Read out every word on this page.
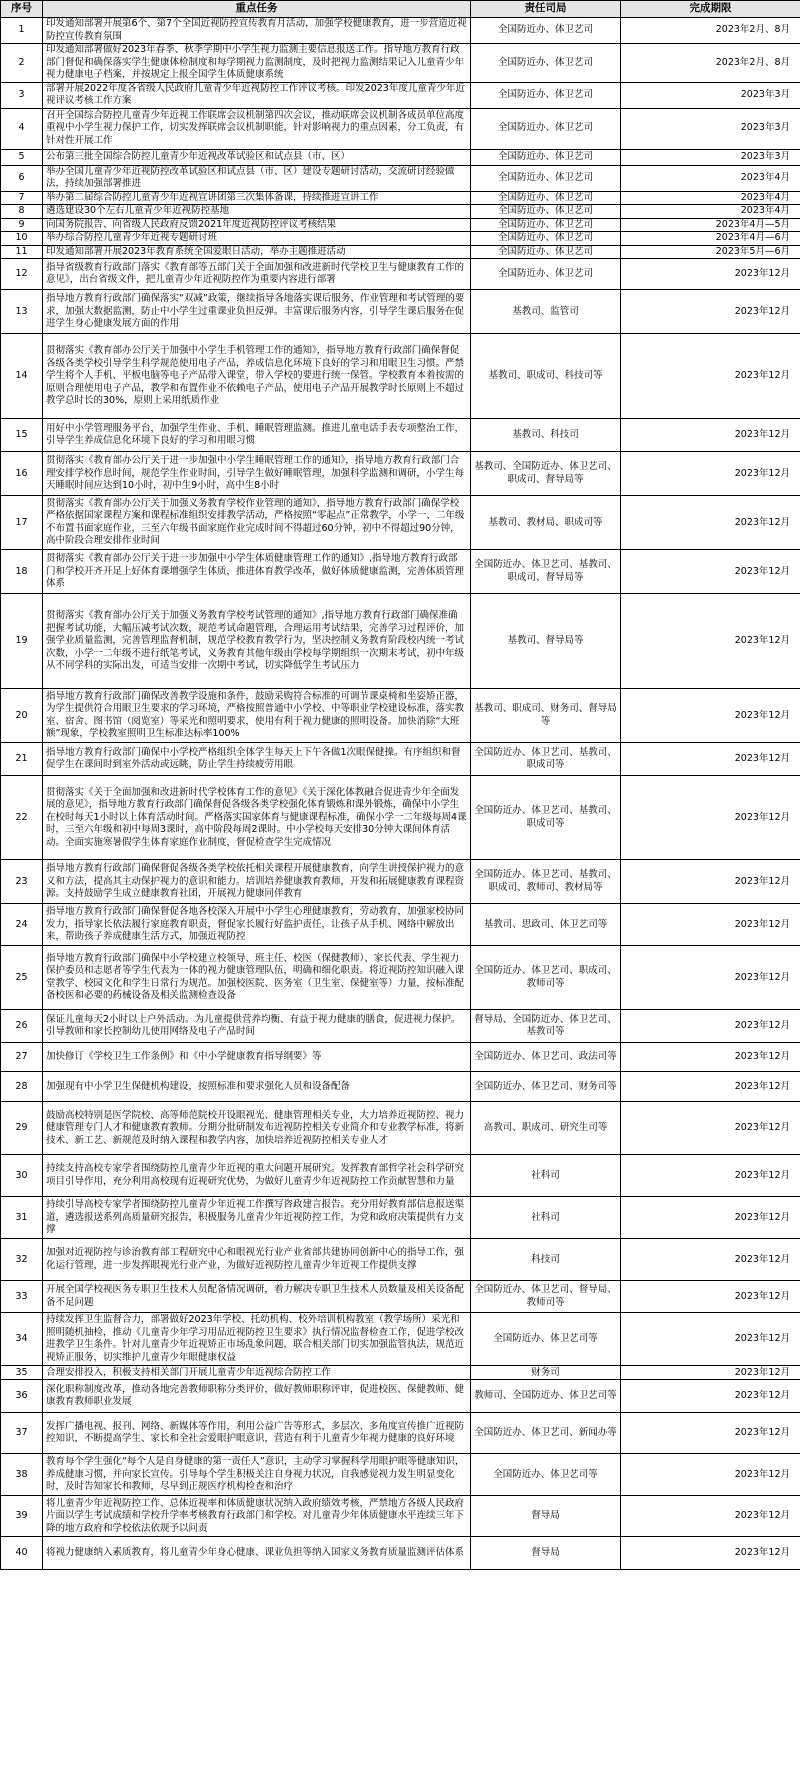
序号	重点任务	责任司局	完成期限
1	印发通知部署开展第6个、第7个全国近视防控宣传教育月活动，加强学校健康教育，进一步营造近视防控宣传教育氛围	全国防近办、体卫艺司	2023年2月、8月
2	印发通知部署做好2023年春季、秋季学期中小学生视力监测主要信息报送工作。指导地方教育行政部门督促和确保落实学生健康体检制度和每学期视力监测制度，及时把视力监测结果记入儿童青少年视力健康电子档案，并按规定上报全国学生体质健康系统	全国防近办、体卫艺司	2023年2月、8月
3	部署开展2022年度各省级人民政府儿童青少年近视防控工作评议考核。印发2023年度儿童青少年近视评议考核工作方案	全国防近办、体卫艺司	2023年3月
4	召开全国综合防控儿童青少年近视工作联席会议机制第四次会议，推动联席会议机制各成员单位高度重视中小学生视力保护工作，切实发挥联席会议机制职能，针对影响视力的重点因素，分工负责，有针对性开展工作	全国防近办、体卫艺司	2023年3月
5	公布第三批全国综合防控儿童青少年近视改革试验区和试点县（市、区）	全国防近办、体卫艺司	2023年3月
6	举办全国儿童青少年近视防控改革试验区和试点县（市、区）建设专题研讨活动，交流研讨经验做法，持续加强部署推进	全国防近办、体卫艺司	2023年4月
7	举办第二届综合防控儿童青少年近视宣讲团第三次集体备课，持续推进宣讲工作	全国防近办、体卫艺司	2023年4月
8	遴选建设30个左右儿童青少年近视防控基地	全国防近办、体卫艺司	2023年4月
9	向国务院报告、向省级人民政府反馈2021年度近视防控评议考核结果	全国防近办、体卫艺司	2023年4月—5月
10	举办综合防控儿童青少年近视专题研讨班	全国防近办、体卫艺司	2023年4月—6月
11	印发通知部署开展2023年教育系统全国爱眼日活动，举办主题推进活动	全国防近办、体卫艺司	2023年5月—6月
12	指导省级教育行政部门落实《教育部等五部门关于全面加强和改进新时代学校卫生与健康教育工作的意见》，出台省级文件，把儿童青少年近视防控作为重要内容进行部署	全国防近办、体卫艺司	2023年12月
13	指导地方教育行政部门确保落实“双减”政策，继续指导各地落实课后服务、作业管理和考试管理的要求，加强大数据监测，防止中小学生过重课业负担反弹。丰富课后服务内容，引导学生课后服务在促进学生身心健康发展方面的作用	基教司、监管司	2023年12月
14	贯彻落实《教育部办公厅关于加强中小学生手机管理工作的通知》，指导地方教育行政部门确保督促各级各类学校引导学生科学规范使用电子产品，养成信息化环境下良好的学习和用眼卫生习惯。严禁学生将个人手机、平板电脑等电子产品带入课堂，带入学校的要进行统一保管。学校教育本着按需的原则合理使用电子产品，教学和布置作业不依赖电子产品，使用电子产品开展教学时长原则上不超过教学总时长的30%，原则上采用纸质作业	基教司、职成司、科技司等	2023年12月
15	用好中小学管理服务平台，加强学生作业、手机、睡眠管理监测。推进儿童电话手表专项整治工作，引导学生养成信息化环境下良好的学习和用眼习惯	基教司、科技司	2023年12月
16	贯彻落实《教育部办公厅关于进一步加强中小学生睡眠管理工作的通知》，指导地方教育行政部门合理安排学校作息时间，规范学生作业时间，引导学生做好睡眠管理，加强科学监测和调研，小学生每天睡眠时间应达到10小时，初中生9小时，高中生8小时	基教司、全国防近办、体卫艺司、职成司、督导局等	2023年12月
17	贯彻落实《教育部办公厅关于加强义务教育学校作业管理的通知》，指导地方教育行政部门确保学校严格依据国家课程方案和课程标准组织安排教学活动，严格按照“零起点”正常教学，小学一、二年级不布置书面家庭作业，三至六年级书面家庭作业完成时间不得超过60分钟，初中不得超过90分钟，高中阶段合理安排作业时间	基教司、教材局、职成司等	2023年12月
18	贯彻落实《教育部办公厅关于进一步加强中小学生体质健康管理工作的通知》,指导地方教育行政部门和学校开齐开足上好体育课增强学生体质，推进体育教学改革，做好体质健康监测，完善体质管理体系	全国防近办、体卫艺司、基教司、职成司、督导局等	2023年12月
19	贯彻落实《教育部办公厅关于加强义务教育学校考试管理的通知》,指导地方教育行政部门确保准确把握考试功能，大幅压减考试次数，规范考试命题管理，合理运用考试结果，完善学习过程评价，加强学业质量监测，完善管理监督机制，规范学校教育教学行为，坚决控制义务教育阶段校内统一考试次数，小学一二年级不进行纸笔考试，义务教育其他年级由学校每学期组织一次期末考试，初中年级从不同学科的实际出发，可适当安排一次期中考试，切实降低学生考试压力	基教司、督导局等	2023年12月
20	指导地方教育行政部门确保改善教学设施和条件，鼓励采购符合标准的可调节课桌椅和坐姿矫正器，为学生提供符合用眼卫生要求的学习环境，严格按照普通中小学校、中等职业学校建设标准，落实教室、宿舍、图书馆（阅览室）等采光和照明要求，使用有利于视力健康的照明设备。加快消除“大班额”现象，学校教室照明卫生标准达标率100%	基教司、职成司、财务司、督导局等	2023年12月
21	指导地方教育行政部门确保中小学校严格组织全体学生每天上下午各做1次眼保健操。有序组织和督促学生在课间时到室外活动或远眺，防止学生持续疲劳用眼	全国防近办、体卫艺司、基教司、职成司等	2023年12月
22	贯彻落实《关于全面加强和改进新时代学校体育工作的意见》《关于深化体教融合促进青少年全面发展的意见》，指导地方教育行政部门确保督促各级各类学校强化体育锻炼和课外锻炼，确保中小学生在校时每天1小时以上体育活动时间。严格落实国家体育与健康课程标准，确保小学一二年级每周4课时，三至六年级和初中每周3课时，高中阶段每周2课时。中小学校每天安排30分钟大课间体育活动。全面实施寒暑假学生体育家庭作业制度，督促检查学生完成情况	全国防近办、体卫艺司、基教司、职成司等	2023年12月
23	指导地方教育行政部门确保督促各级各类学校依托相关课程开展健康教育，向学生讲授保护视力的意义和方法，提高其主动保护视力的意识和能力。培训培养健康教育教师，开发和拓展健康教育课程资源。支持鼓励学生成立健康教育社团，开展视力健康同伴教育	全国防近办、体卫艺司、基教司、职成司、教师司、教材局等	2023年12月
24	指导地方教育行政部门确保督促各地各校深入开展中小学生心理健康教育，劳动教育，加强家校协同发力，指导家长依法履行家庭教育职责，督促家长履行好监护责任，让孩子从手机、网络中解放出来，帮助孩子养成健康生活方式，加强近视防控	基教司、思政司、体卫艺司等	2023年12月
25	指导地方教育行政部门确保中小学校建立校领导、班主任、校医（保健教师）、家长代表、学生视力保护委员和志愿者等学生代表为一体的视力健康管理队伍，明确和细化职责。将近视防控知识融入课堂教学、校园文化和学生日常行为规范。加强校医院、医务室（卫生室、保健室等）力量，按标准配备校医和必要的药械设备及相关监测检查设备	全国防近办、体卫艺司、职成司、教师司等	2023年12月
26	保证儿童每天2小时以上户外活动。为儿童提供营养均衡、有益于视力健康的膳食，促进视力保护。引导教师和家长控制幼儿使用网络及电子产品时间	督导局、全国防近办、体卫艺司、基教司等	2023年12月
27	加快修订《学校卫生工作条例》和《中小学健康教育指导纲要》等	全国防近办、体卫艺司、政法司等	2023年12月
28	加强现有中小学卫生保健机构建设，按照标准和要求强化人员和设备配备	全国防近办、体卫艺司、财务司等	2023年12月
29	鼓励高校特别是医学院校、高等师范院校开设眼视光、健康管理相关专业，大力培养近视防控、视力健康管理专门人才和健康教育教师。分期分批研制发布近视防控相关专业简介和专业教学标准，将新技术、新工艺、新规范及时纳入课程和教学内容，加快培养近视防控相关专业人才	高教司、职成司、研究生司等	2023年12月
30	持续支持高校专家学者围绕防控儿童青少年近视的重大问题开展研究。发挥教育部哲学社会科学研究项目引导作用，充分利用高校现有近视研究优势，为做好儿童青少年近视防控工作贡献智慧和力量	社科司	2023年12月
31	持续引导高校专家学者围绕防控儿童青少年近视工作撰写咨政建言报告。充分用好教育部信息报送渠道，遴选报送系列高质量研究报告，积极服务儿童青少年近视防控工作，为党和政府决策提供有力支撑	社科司	2023年12月
32	加强对近视防控与诊治教育部工程研究中心和眼视光行业产业省部共建协同创新中心的指导工作，强化运行管理，进一步发挥眼视光行业产业，为做好近视防控儿童青少年近视工作提供支撑	科技司	2023年12月
33	开展全国学校视医务专职卫生技术人员配备情况调研，着力解决专职卫生技术人员数量及相关设备配备不足问题	全国防近办、体卫艺司、督导局、教师司等	2023年12月
34	持续发挥卫生监督合力，部署做好2023年学校、托幼机构、校外培训机构教室（教学场所）采光和照明随机抽检，推动《儿童青少年学习用品近视防控卫生要求》执行情况监督检查工作，促进学校改进教学卫生条件。针对儿童青少年近视矫正市场乱象问题，联合相关部门切实加强监管执法，规范近视矫正服务，切实维护儿童青少年眼健康权益	全国防近办、体卫艺司等	2023年12月
35	合理安排投入，积极支持相关部门开展儿童青少年近视综合防控工作	财务司	2023年12月
36	深化职称制度改革，推动各地完善教师职称分类评价，做好教师职称评审，促进校医、保健教师、健康教育教师职业发展	教师司、全国防近办、体卫艺司等	2023年12月
37	发挥广播电视、报刊、网络、新媒体等作用，利用公益广告等形式，多层次、多角度宣传推广近视防控知识，不断提高学生、家长和全社会爱眼护眼意识，营造有利于儿童青少年视力健康的良好环境	全国防近办、体卫艺司、新闻办等	2023年12月
38	教育每个学生强化“每个人是自身健康的第一责任人”意识，主动学习掌握科学用眼护眼等健康知识，养成健康习惯，并向家长宣传。引导每个学生积极关注自身视力状况，自我感觉视力发生明显变化时，及时告知家长和教师，尽早到正规医疗机构检查和治疗	全国防近办、体卫艺司等	2023年12月
39	将儿童青少年近视防控工作、总体近视率和体质健康状况纳入政府绩效考核，严禁地方各级人民政府片面以学生考试成绩和学校升学率考核教育行政部门和学校。对儿童青少年体质健康水平连续三年下降的地方政府和学校依法依规予以问责	督导局	2023年12月
40	将视力健康纳入素质教育，将儿童青少年身心健康、课业负担等纳入国家义务教育质量监测评估体系	督导局	2023年12月
